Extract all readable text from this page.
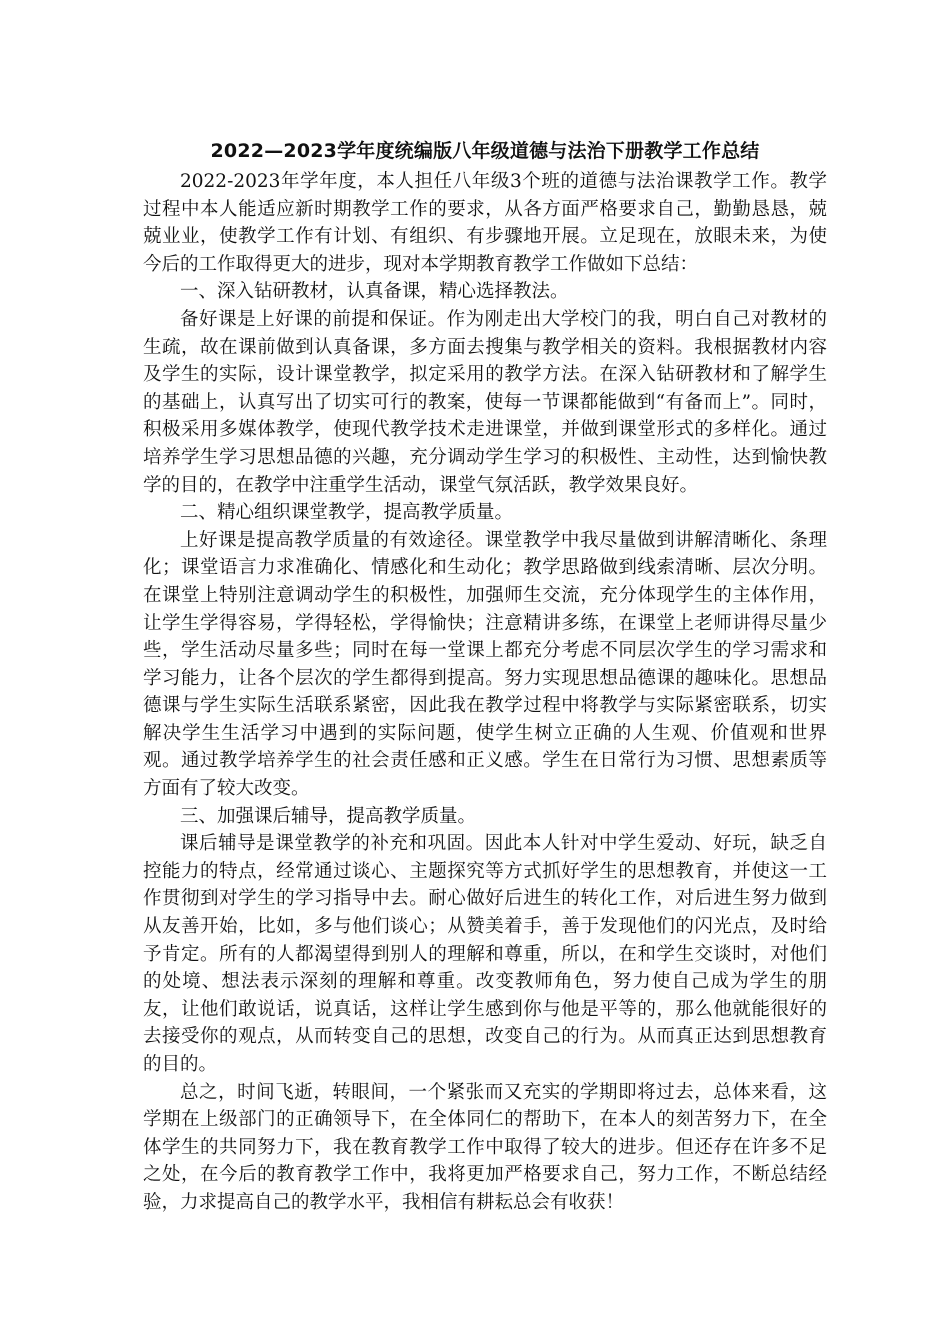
2022—2023学年度统编版八年级道德与法治下册教学工作总结

2022-2023年学年度，本人担任八年级3个班的道德与法治课教学工作。教学过程中本人能适应新时期教学工作的要求，从各方面严格要求自己，勤勤恳恳，兢兢业业，使教学工作有计划、有组织、有步骤地开展。立足现在，放眼未来，为使今后的工作取得更大的进步，现对本学期教育教学工作做如下总结：

一、深入钻研教材，认真备课，精心选择教法。

备好课是上好课的前提和保证。作为刚走出大学校门的我，明白自己对教材的生疏，故在课前做到认真备课，多方面去搜集与教学相关的资料。我根据教材内容及学生的实际，设计课堂教学，拟定采用的教学方法。在深入钻研教材和了解学生的基础上，认真写出了切实可行的教案，使每一节课都能做到“有备而上”。同时，积极采用多媒体教学，使现代教学技术走进课堂，并做到课堂形式的多样化。通过培养学生学习思想品德的兴趣，充分调动学生学习的积极性、主动性，达到愉快教学的目的，在教学中注重学生活动，课堂气氛活跃，教学效果良好。

二、精心组织课堂教学，提高教学质量。

上好课是提高教学质量的有效途径。课堂教学中我尽量做到讲解清晰化、条理化；课堂语言力求准确化、情感化和生动化；教学思路做到线索清晰、层次分明。在课堂上特别注意调动学生的积极性，加强师生交流，充分体现学生的主体作用，让学生学得容易，学得轻松，学得愉快；注意精讲多练，在课堂上老师讲得尽量少些，学生活动尽量多些；同时在每一堂课上都充分考虑不同层次学生的学习需求和学习能力，让各个层次的学生都得到提高。努力实现思想品德课的趣味化。思想品德课与学生实际生活联系紧密，因此我在教学过程中将教学与实际紧密联系，切实解决学生生活学习中遇到的实际问题，使学生树立正确的人生观、价值观和世界观。通过教学培养学生的社会责任感和正义感。学生在日常行为习惯、思想素质等方面有了较大改变。

三、加强课后辅导，提高教学质量。

课后辅导是课堂教学的补充和巩固。因此本人针对中学生爱动、好玩，缺乏自控能力的特点，经常通过谈心、主题探究等方式抓好学生的思想教育，并使这一工作贯彻到对学生的学习指导中去。耐心做好后进生的转化工作，对后进生努力做到从友善开始，比如，多与他们谈心；从赞美着手，善于发现他们的闪光点，及时给予肯定。所有的人都渴望得到别人的理解和尊重，所以，在和学生交谈时，对他们的处境、想法表示深刻的理解和尊重。改变教师角色，努力使自己成为学生的朋友，让他们敢说话，说真话，这样让学生感到你与他是平等的，那么他就能很好的去接受你的观点，从而转变自己的思想，改变自己的行为。从而真正达到思想教育的目的。

总之，时间飞逝，转眼间，一个紧张而又充实的学期即将过去，总体来看，这学期在上级部门的正确领导下，在全体同仁的帮助下，在本人的刻苦努力下，在全体学生的共同努力下，我在教育教学工作中取得了较大的进步。但还存在许多不足之处，在今后的教育教学工作中，我将更加严格要求自己，努力工作，不断总结经验，力求提高自己的教学水平，我相信有耕耘总会有收获！
